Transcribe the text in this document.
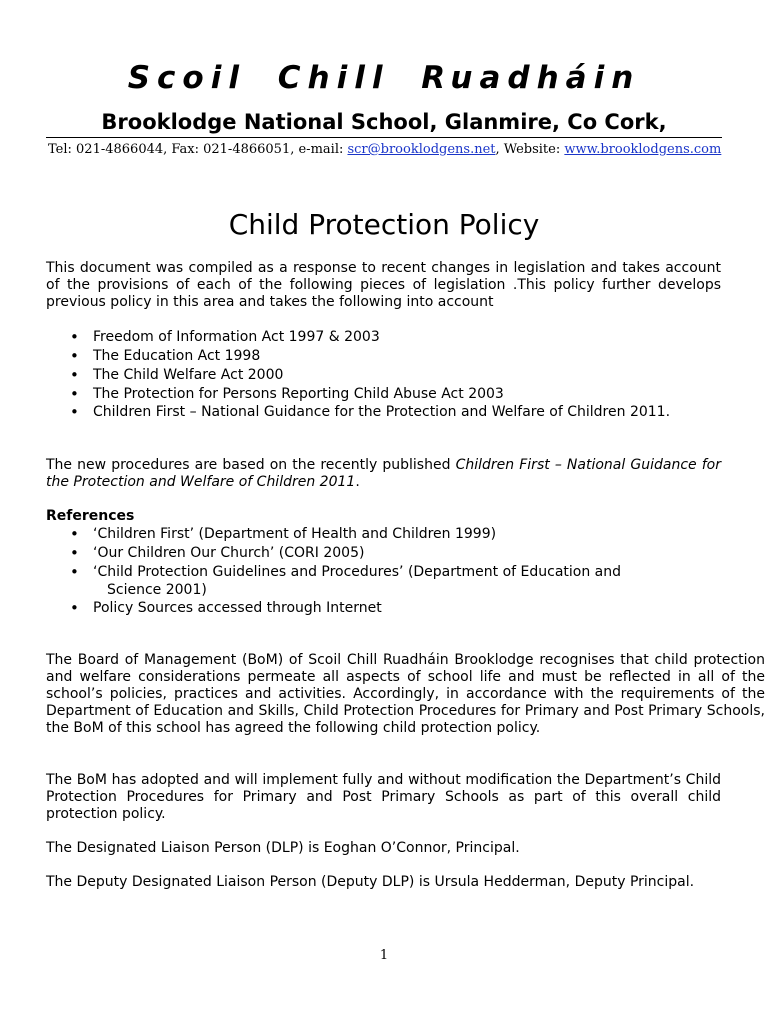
Scoil Chill Ruadháin
Brooklodge National School, Glanmire, Co Cork,
Tel: 021-4866044, Fax: 021-4866051, e-mail: scr@brooklodgens.net, Website: www.brooklodgens.com
Child Protection Policy

This document was compiled as a response to recent changes in legislation and takes account of the provisions of each of the following pieces of legislation .This policy further develops previous policy in this area and takes the following into account

• Freedom of Information Act 1997 & 2003
• The Education Act 1998
• The Child Welfare Act 2000
• The Protection for Persons Reporting Child Abuse Act 2003
• Children First – National Guidance for the Protection and Welfare of Children 2011.

The new procedures are based on the recently published Children First – National Guidance for the Protection and Welfare of Children 2011.

References
• ‘Children First’ (Department of Health and Children 1999)
• ‘Our Children Our Church’ (CORI 2005)
• ‘Child Protection Guidelines and Procedures’ (Department of Education and
Science 2001)
• Policy Sources accessed through Internet

The Board of Management (BoM) of Scoil Chill Ruadháin Brooklodge recognises that child protection and welfare considerations permeate all aspects of school life and must be reflected in all of the school’s policies, practices and activities. Accordingly, in accordance with the requirements of the Department of Education and Skills, Child Protection Procedures for Primary and Post Primary Schools, the BoM of this school has agreed the following child protection policy.

The BoM has adopted and will implement fully and without modification the Department’s Child Protection Procedures for Primary and Post Primary Schools as part of this overall child protection policy.

The Designated Liaison Person (DLP) is Eoghan O’Connor, Principal.

The Deputy Designated Liaison Person (Deputy DLP) is Ursula Hedderman, Deputy Principal.

1
